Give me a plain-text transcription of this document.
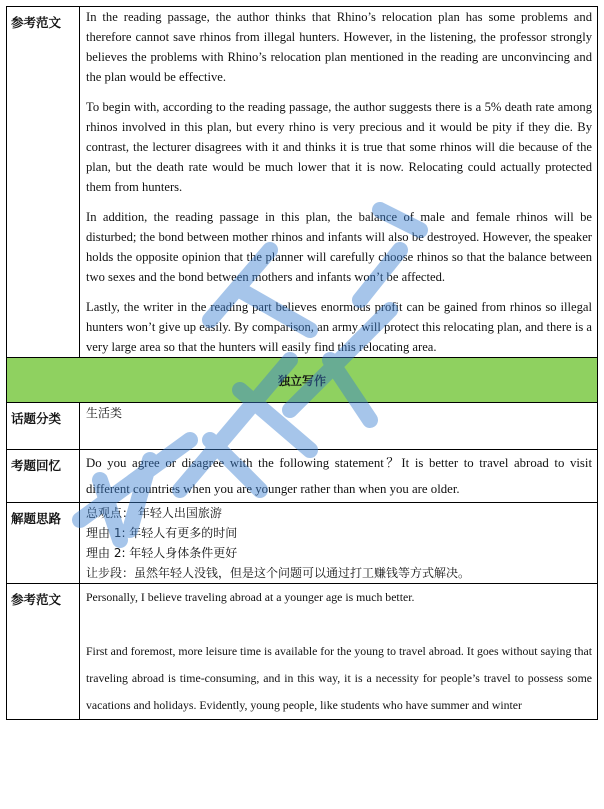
参考范文	In the reading passage, the author thinks that Rhino’s relocation plan has some problems and therefore cannot save rhinos from illegal hunters. However, in the listening, the professor strongly believes the problems with Rhino’s relocation plan mentioned in the reading are unconvincing and the plan would be effective.

To begin with, according to the reading passage, the author suggests there is a 5% death rate among rhinos involved in this plan, but every rhino is very precious and it would be pity if they die. By contrast, the lecturer disagrees with it and thinks it is true that some rhinos will die because of the plan, but the death rate would be much lower that it is now. Relocating could actually protected them from hunters.

In addition, the reading passage in this plan, the balance of male and female rhinos will be disturbed; the bond between mother rhinos and infants will also be destroyed. However, the speaker holds the opposite opinion that the planner will carefully choose rhinos so that the balance between two sexes and the bond between mothers and infants won’t be affected.

Lastly, the writer in the reading part believes enormous profit can be gained from rhinos so illegal hunters won’t give up easily. By comparison, an army will protect this relocating plan, and there is a very large area so that the hunters will easily find this relocating area.

独立写作	
话题分类	生活类

考题回忆	Do you agree or disagree with the following statement？It is better to travel abroad to visit different countries when you are younger rather than when you are older.

解题思路	总观点： 年轻人出国旅游

理由 1: 年轻人有更多的时间

理由 2: 年轻人身体条件更好

让步段：虽然年轻人没钱，但是这个问题可以通过打工赚钱等方式解决。

参考范文	Personally, I believe traveling abroad at a younger age is much better.

First and foremost, more leisure time is available for the young to travel abroad. It goes without saying that traveling abroad is time-consuming, and in this way, it is a necessity for people’s travel to possess some vacations and holidays. Evidently, young people, like students who have summer and winter
